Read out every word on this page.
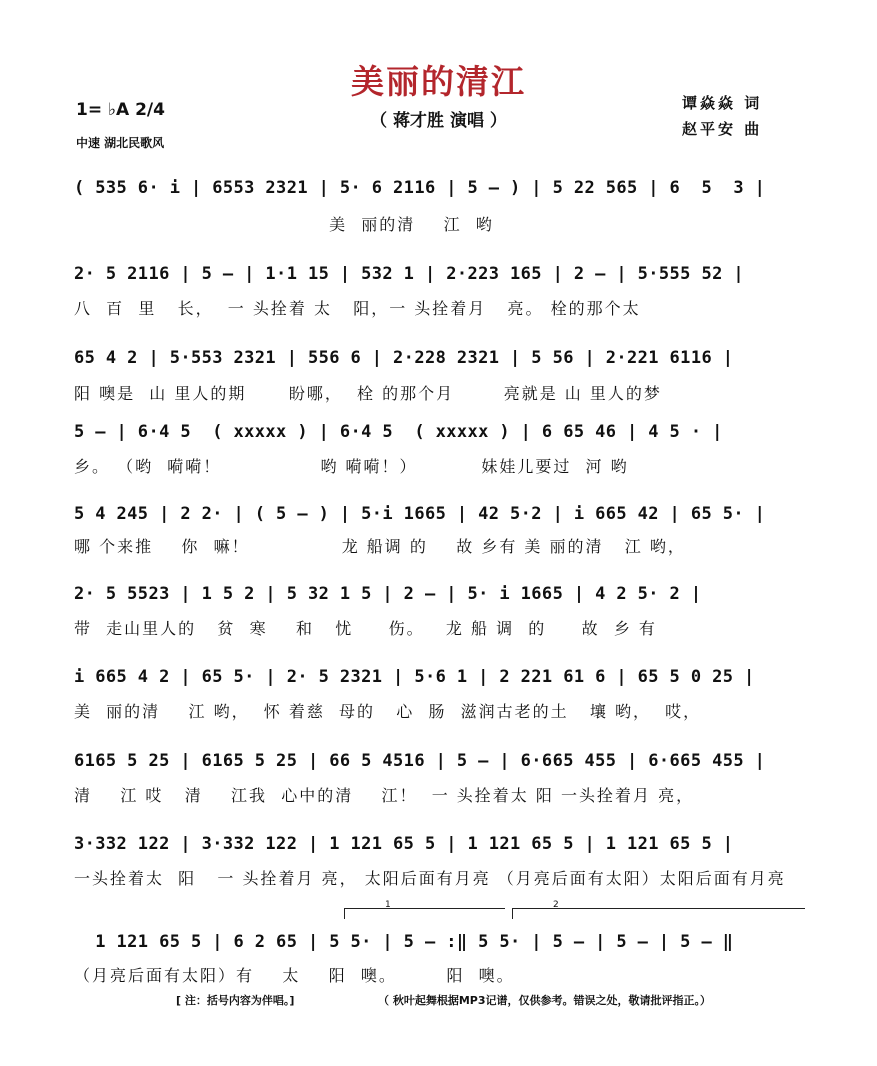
美丽的清江
（ 蒋才胜 演唱 ）
谭焱焱 词
赵平安 曲
1= ♭A 2/4
中速 湖北民歌风
( 535 6· i | 6553 2321 | 5· 6 2116 | 5 – ) | 5 22 565 | 6  5  3 |
美  丽的清    江  哟
2· 5 2116 | 5 – | 1·1 15 | 532 1 | 2·223 165 | 2 – | 5·555 52 |
八  百  里   长，  一 头拴着 太   阳，一 头拴着月   亮。 栓的那个太
65 4 2 | 5·553 2321 | 556 6 | 2·228 2321 | 5 56 | 2·221 6116 |
阳 噢是  山 里人的期      盼哪，  栓 的那个月       亮就是 山 里人的梦
5 – | 6·4 5  ( xxxxx ) | 6·4 5  ( xxxxx ) | 6 65 46 | 4 5 · |
乡。 （哟  嗬嗬！              哟 嗬嗬！）         妹娃儿要过  河 哟
5 4 245 | 2 2· | ( 5 – ) | 5·i 1665 | 42 5·2 | i 665 42 | 65 5· |
哪 个来推    你  嘛！             龙 船调 的    故 乡有 美 丽的清   江 哟，
2· 5 5523 | 1 5 2 | 5 32 1 5 | 2 – | 5· i 1665 | 4 2 5· 2 |
带  走山里人的   贫  寒    和   忧     伤。   龙 船 调  的     故  乡 有
i 665 4 2 | 65 5· | 2· 5 2321 | 5·6 1 | 2 221 61 6 | 65 5 0 25 |
美  丽的清    江 哟，  怀 着慈  母的   心  肠  滋润古老的土   壤 哟，  哎，
6165 5 25 | 6165 5 25 | 66 5 4516 | 5 – | 6·665 455 | 6·665 455 |
清    江 哎   清    江我  心中的清    江！  一 头拴着太 阳 一头拴着月 亮，
3·332 122 | 3·332 122 | 1 121 65 5 | 1 121 65 5 | 1 121 65 5 |
一头拴着太  阳   一 头拴着月 亮， 太阳后面有月亮 （月亮后面有太阳）太阳后面有月亮
1	2
1 121 65 5 | 6 2 65 | 5 5· | 5 – :‖ 5 5· | 5 – | 5 – | 5 – ‖
（月亮后面有太阳）有    太    阳  噢。       阳  噢。
[ 注：括号内容为伴唱。]	（ 秋叶起舞根据MP3记谱，仅供参考。错误之处，敬请批评指正。）
